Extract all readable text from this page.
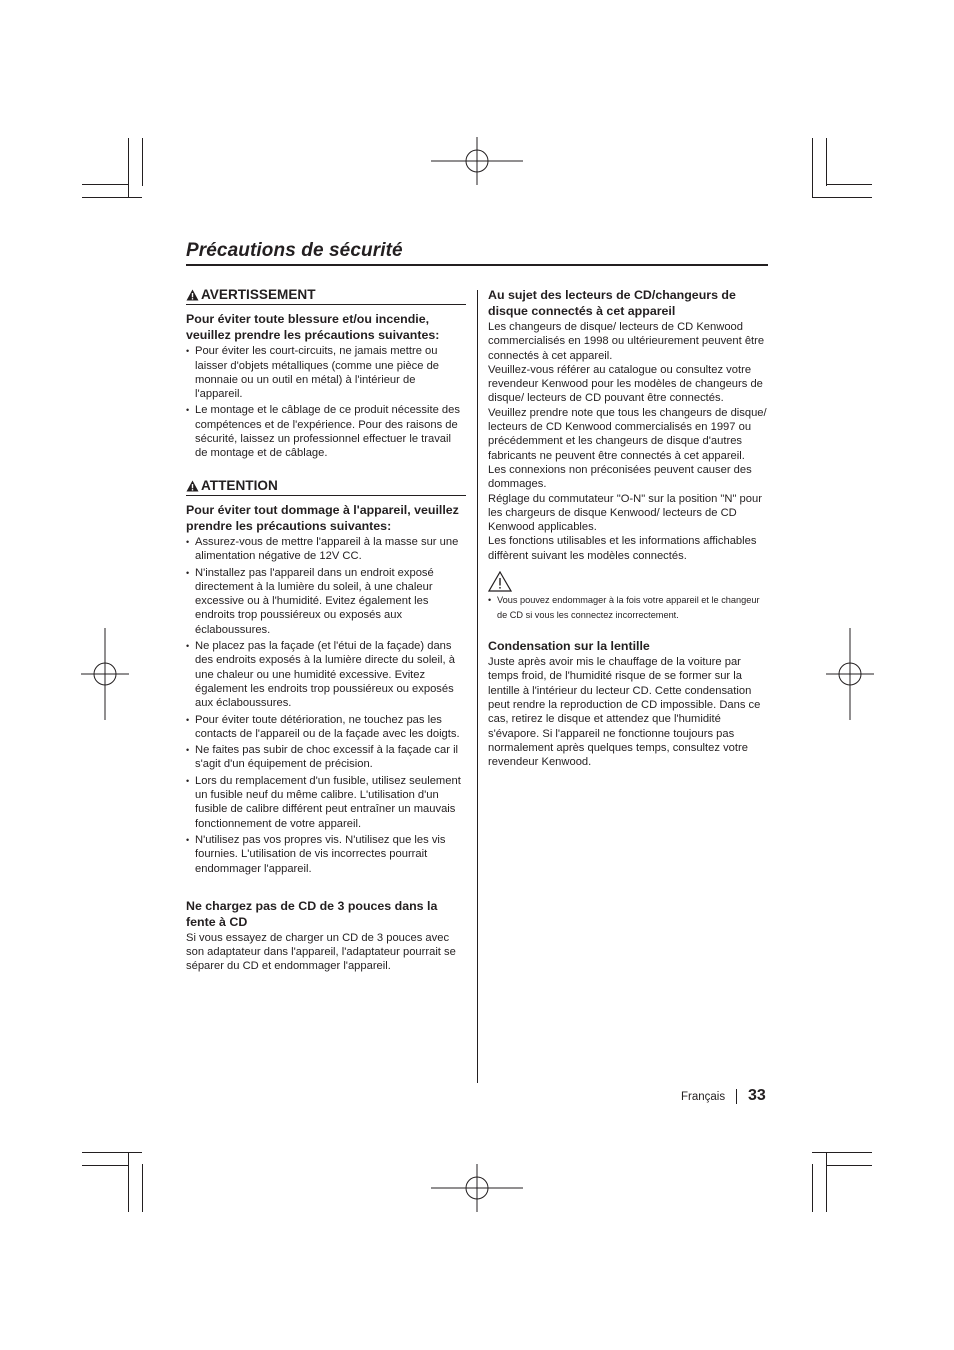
Précautions de sécurité
AVERTISSEMENT
Pour éviter toute blessure et/ou incendie, veuillez prendre les précautions suivantes:
• Pour éviter les court-circuits, ne jamais mettre ou laisser d'objets métalliques (comme une pièce de monnaie ou un outil en métal) à l'intérieur de l'appareil.
• Le montage et le câblage de ce produit nécessite des compétences et de l'expérience. Pour des raisons de sécurité, laissez un professionnel effectuer le travail de montage et de câblage.
ATTENTION
Pour éviter tout dommage à l'appareil, veuillez prendre les précautions suivantes:
• Assurez-vous de mettre l'appareil à la masse sur une alimentation négative de 12V CC.
• N'installez pas l'appareil dans un endroit exposé directement à la lumière du soleil, à une chaleur excessive ou à l'humidité. Evitez également les endroits trop poussiéreux ou exposés aux éclaboussures.
• Ne placez pas la façade (et l'étui de la façade) dans des endroits exposés à la lumière directe du soleil, à une chaleur ou une humidité excessive. Evitez également les endroits trop poussiéreux ou exposés aux éclaboussures.
• Pour éviter toute détérioration, ne touchez pas les contacts de l'appareil ou de la façade avec les doigts.
• Ne faites pas subir de choc excessif à la façade car il s'agit d'un équipement de précision.
• Lors du remplacement d'un fusible, utilisez seulement un fusible neuf du même calibre. L'utilisation d'un fusible de calibre différent peut entraîner un mauvais fonctionnement de votre appareil.
• N'utilisez pas vos propres vis. N'utilisez que les vis fournies. L'utilisation de vis incorrectes pourrait endommager l'appareil.
Ne chargez pas de CD de 3 pouces dans la fente à CD

Si vous essayez de charger un CD de 3 pouces avec son adaptateur dans l'appareil, l'adaptateur pourrait se séparer du CD et endommager l'appareil.

Au sujet des lecteurs de CD/changeurs de disque connectés à cet appareil

Les changeurs de disque/ lecteurs de CD Kenwood commercialisés en 1998 ou ultérieurement peuvent être connectés à cet appareil.

Veuillez-vous référer au catalogue ou consultez votre revendeur Kenwood pour les modèles de changeurs de disque/ lecteurs de CD pouvant être connectés.

Veuillez prendre note que tous les changeurs de disque/ lecteurs de CD Kenwood commercialisés en 1997 ou précédemment et les changeurs de disque d'autres fabricants ne peuvent être connectés à cet appareil.

Les connexions non préconisées peuvent causer des dommages.

Réglage du commutateur "O-N" sur la position "N" pour les chargeurs de disque Kenwood/ lecteurs de CD Kenwood applicables.

Les fonctions utilisables et les informations affichables diffèrent suivant les modèles connectés.

• Vous pouvez endommager à la fois votre appareil et le changeur de CD si vous les connectez incorrectement.
Condensation sur la lentille

Juste après avoir mis le chauffage de la voiture par temps froid, de l'humidité risque de se former sur la lentille à l'intérieur du lecteur CD. Cette condensation peut rendre la reproduction de CD impossible. Dans ce cas, retirez le disque et attendez que l'humidité s'évapore. Si l'appareil ne fonctionne toujours pas normalement après quelques temps, consultez votre revendeur Kenwood.

Français 33
